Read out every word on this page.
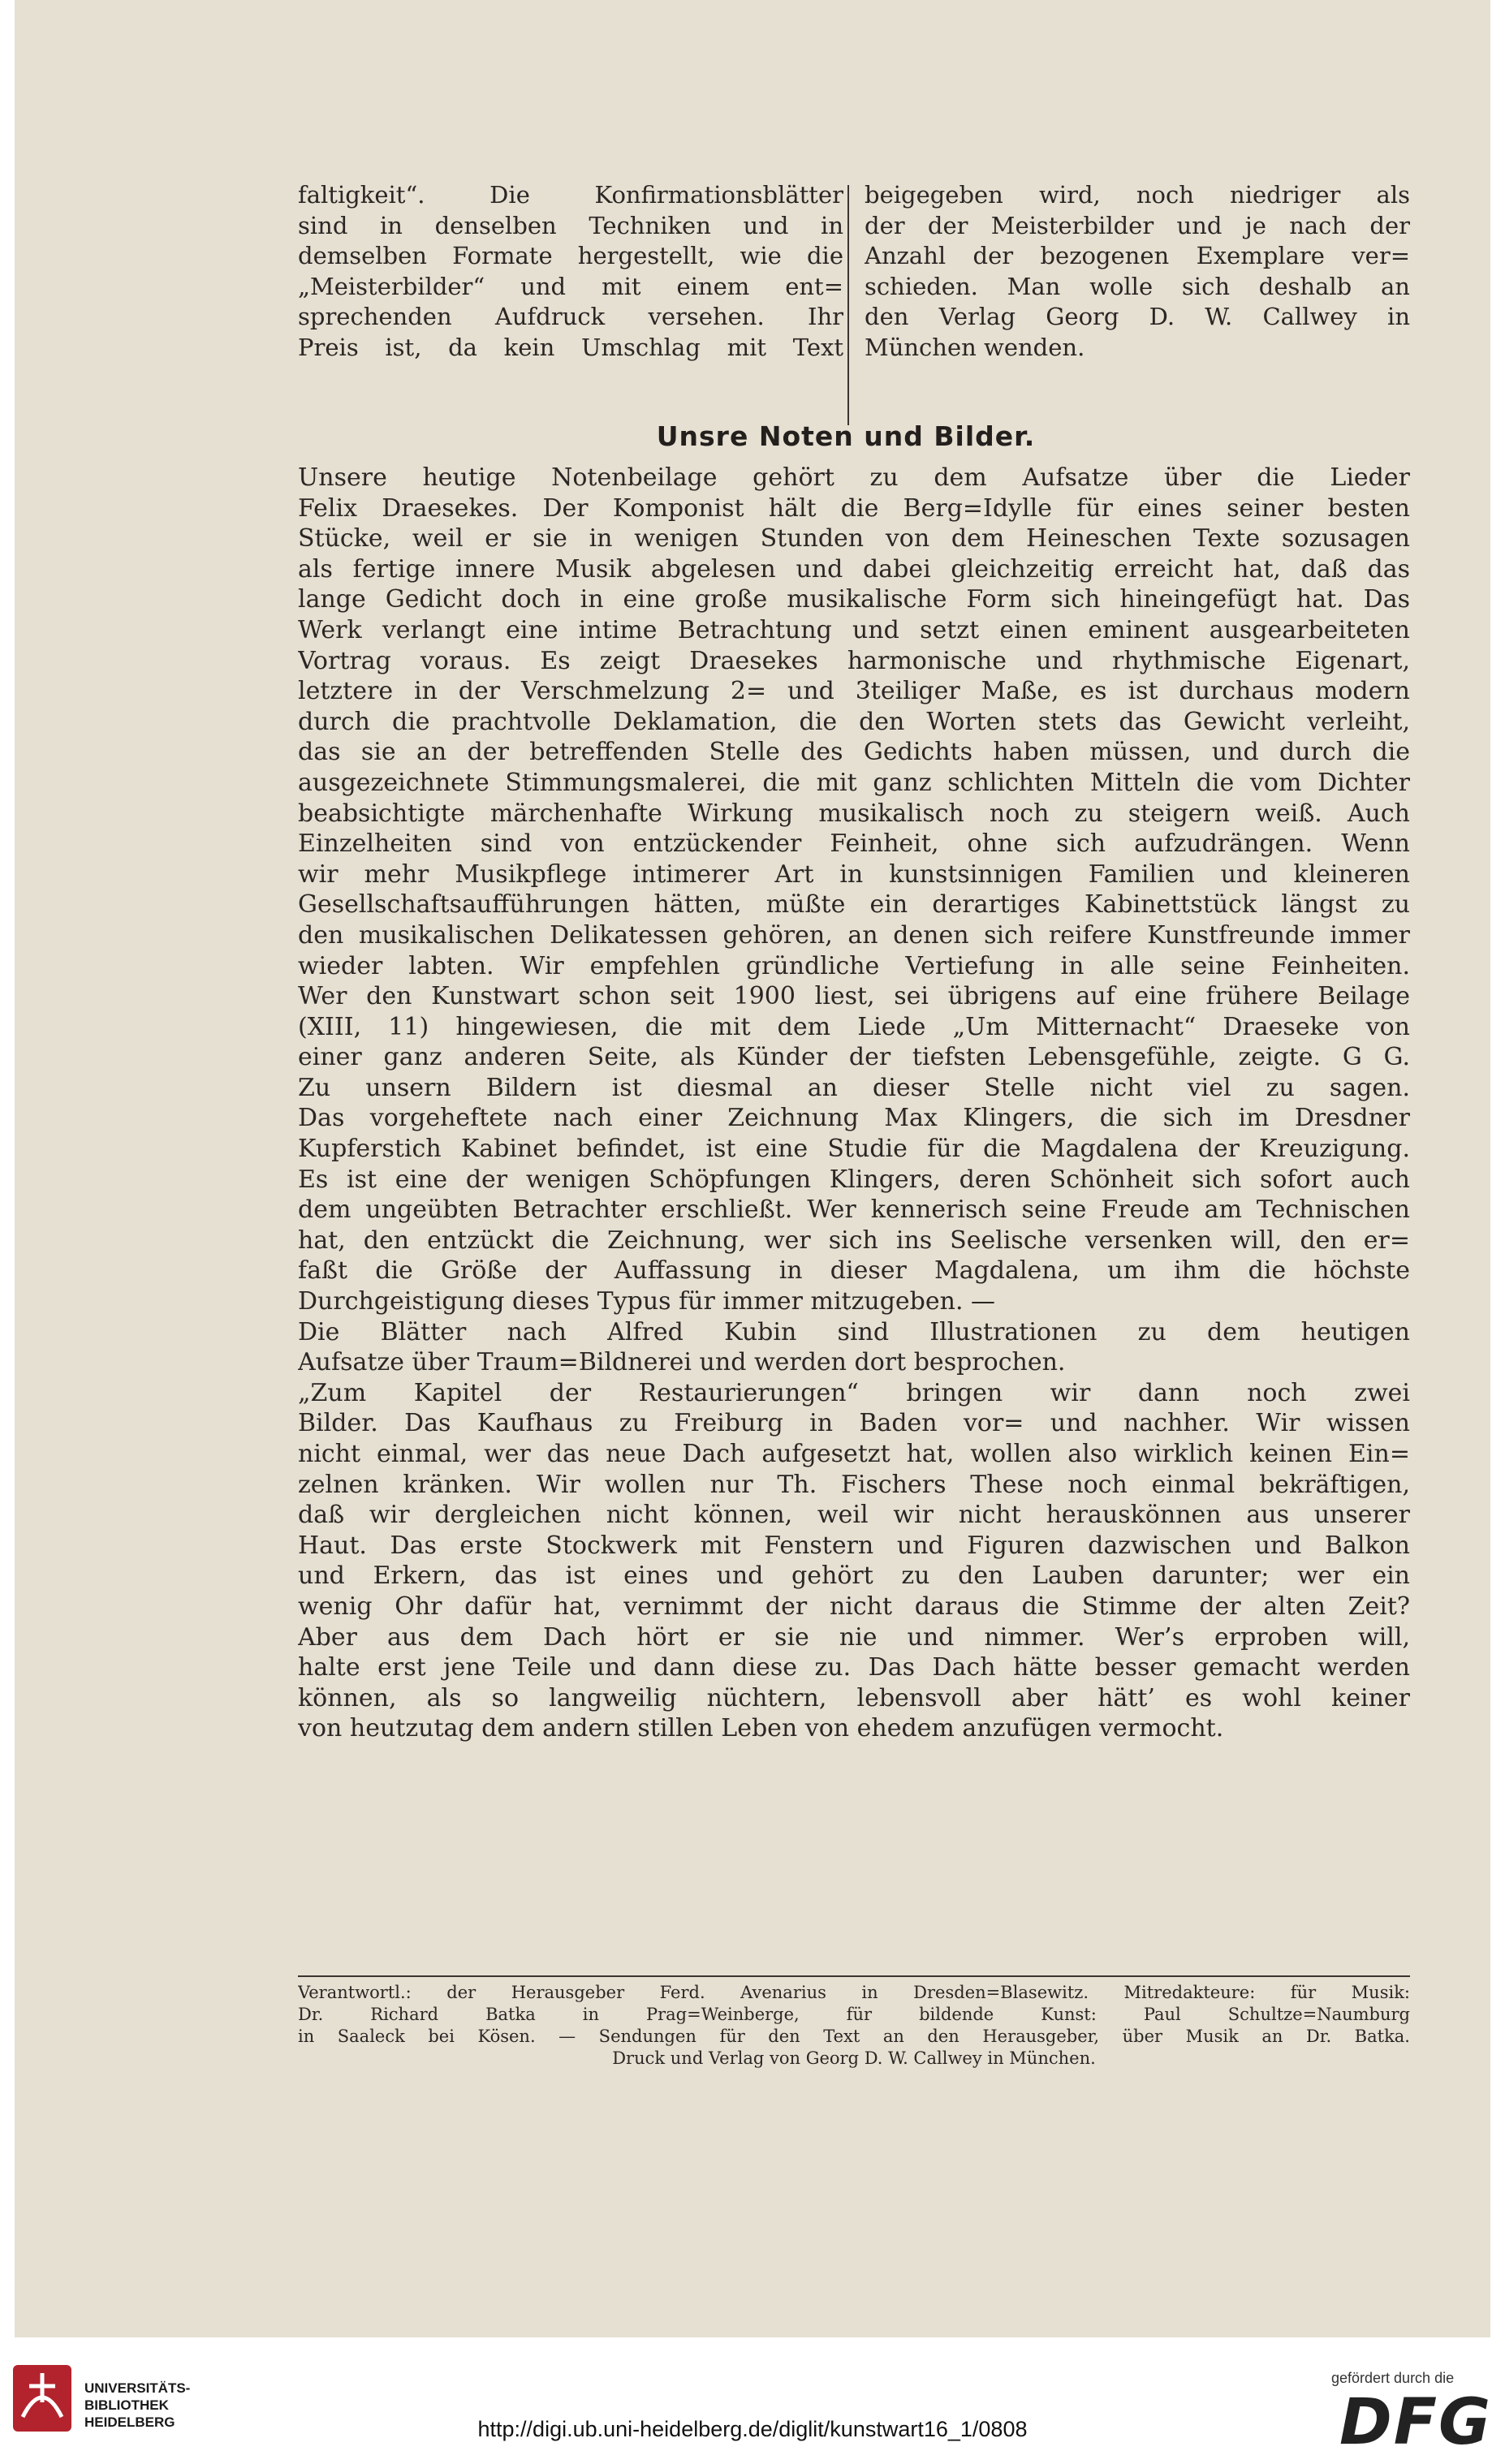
faltigkeit“. Die Konfirmationsblätter
sind in denselben Techniken und in
demselben Formate hergestellt, wie die
„Meisterbilder“ und mit einem ent=
sprechenden Aufdruck versehen. Ihr
Preis ist, da kein Umschlag mit Text
beigegeben wird, noch niedriger als
der der Meisterbilder und je nach der
Anzahl der bezogenen Exemplare ver=
schieden. Man wolle sich deshalb an
den Verlag Georg D. W. Callwey in
München wenden.
Unsre Noten und Bilder.
Unsere heutige Notenbeilage gehört zu dem Aufsatze über die Lieder
Felix Draesekes. Der Komponist hält die Berg=Idylle für eines seiner besten
Stücke, weil er sie in wenigen Stunden von dem Heineschen Texte sozusagen
als fertige innere Musik abgelesen und dabei gleichzeitig erreicht hat, daß das
lange Gedicht doch in eine große musikalische Form sich hineingefügt hat. Das
Werk verlangt eine intime Betrachtung und setzt einen eminent ausgearbeiteten
Vortrag voraus. Es zeigt Draesekes harmonische und rhythmische Eigenart,
letztere in der Verschmelzung 2= und 3teiliger Maße, es ist durchaus modern
durch die prachtvolle Deklamation, die den Worten stets das Gewicht verleiht,
das sie an der betreffenden Stelle des Gedichts haben müssen, und durch die
ausgezeichnete Stimmungsmalerei, die mit ganz schlichten Mitteln die vom Dichter
beabsichtigte märchenhafte Wirkung musikalisch noch zu steigern weiß. Auch
Einzelheiten sind von entzückender Feinheit, ohne sich aufzudrängen. Wenn
wir mehr Musikpflege intimerer Art in kunstsinnigen Familien und kleineren
Gesellschaftsaufführungen hätten, müßte ein derartiges Kabinettstück längst zu
den musikalischen Delikatessen gehören, an denen sich reifere Kunstfreunde immer
wieder labten. Wir empfehlen gründliche Vertiefung in alle seine Feinheiten.
Wer den Kunstwart schon seit 1900 liest, sei übrigens auf eine frühere Beilage
(XIII, 11) hingewiesen, die mit dem Liede „Um Mitternacht“ Draeseke von
einer ganz anderen Seite, als Künder der tiefsten Lebensgefühle, zeigte. G G.
Zu unsern Bildern ist diesmal an dieser Stelle nicht viel zu sagen.
Das vorgeheftete nach einer Zeichnung Max Klingers, die sich im Dresdner
Kupferstich Kabinet befindet, ist eine Studie für die Magdalena der Kreuzigung.
Es ist eine der wenigen Schöpfungen Klingers, deren Schönheit sich sofort auch
dem ungeübten Betrachter erschließt. Wer kennerisch seine Freude am Technischen
hat, den entzückt die Zeichnung, wer sich ins Seelische versenken will, den er=
faßt die Größe der Auffassung in dieser Magdalena, um ihm die höchste
Durchgeistigung dieses Typus für immer mitzugeben. —
Die Blätter nach Alfred Kubin sind Illustrationen zu dem heutigen
Aufsatze über Traum=Bildnerei und werden dort besprochen.
„Zum Kapitel der Restaurierungen“ bringen wir dann noch zwei
Bilder. Das Kaufhaus zu Freiburg in Baden vor= und nachher. Wir wissen
nicht einmal, wer das neue Dach aufgesetzt hat, wollen also wirklich keinen Ein=
zelnen kränken. Wir wollen nur Th. Fischers These noch einmal bekräftigen,
daß wir dergleichen nicht können, weil wir nicht herauskönnen aus unserer
Haut. Das erste Stockwerk mit Fenstern und Figuren dazwischen und Balkon
und Erkern, das ist eines und gehört zu den Lauben darunter; wer ein
wenig Ohr dafür hat, vernimmt der nicht daraus die Stimme der alten Zeit?
Aber aus dem Dach hört er sie nie und nimmer. Wer’s erproben will,
halte erst jene Teile und dann diese zu. Das Dach hätte besser gemacht werden
können, als so langweilig nüchtern, lebensvoll aber hätt’ es wohl keiner
von heutzutag dem andern stillen Leben von ehedem anzufügen vermocht.
Verantwortl.: der Herausgeber Ferd. Avenarius in Dresden=Blasewitz. Mitredakteure: für Musik:
Dr. Richard Batka in Prag=Weinberge, für bildende Kunst: Paul Schultze=Naumburg
in Saaleck bei Kösen. — Sendungen für den Text an den Herausgeber, über Musik an Dr. Batka.
Druck und Verlag von Georg D. W. Callwey in München.
UNIVERSITÄTS-
BIBLIOTHEK
HEIDELBERG	http://digi.ub.uni-heidelberg.de/diglit/kunstwart16_1/0808
gefördert durch die
DFG
